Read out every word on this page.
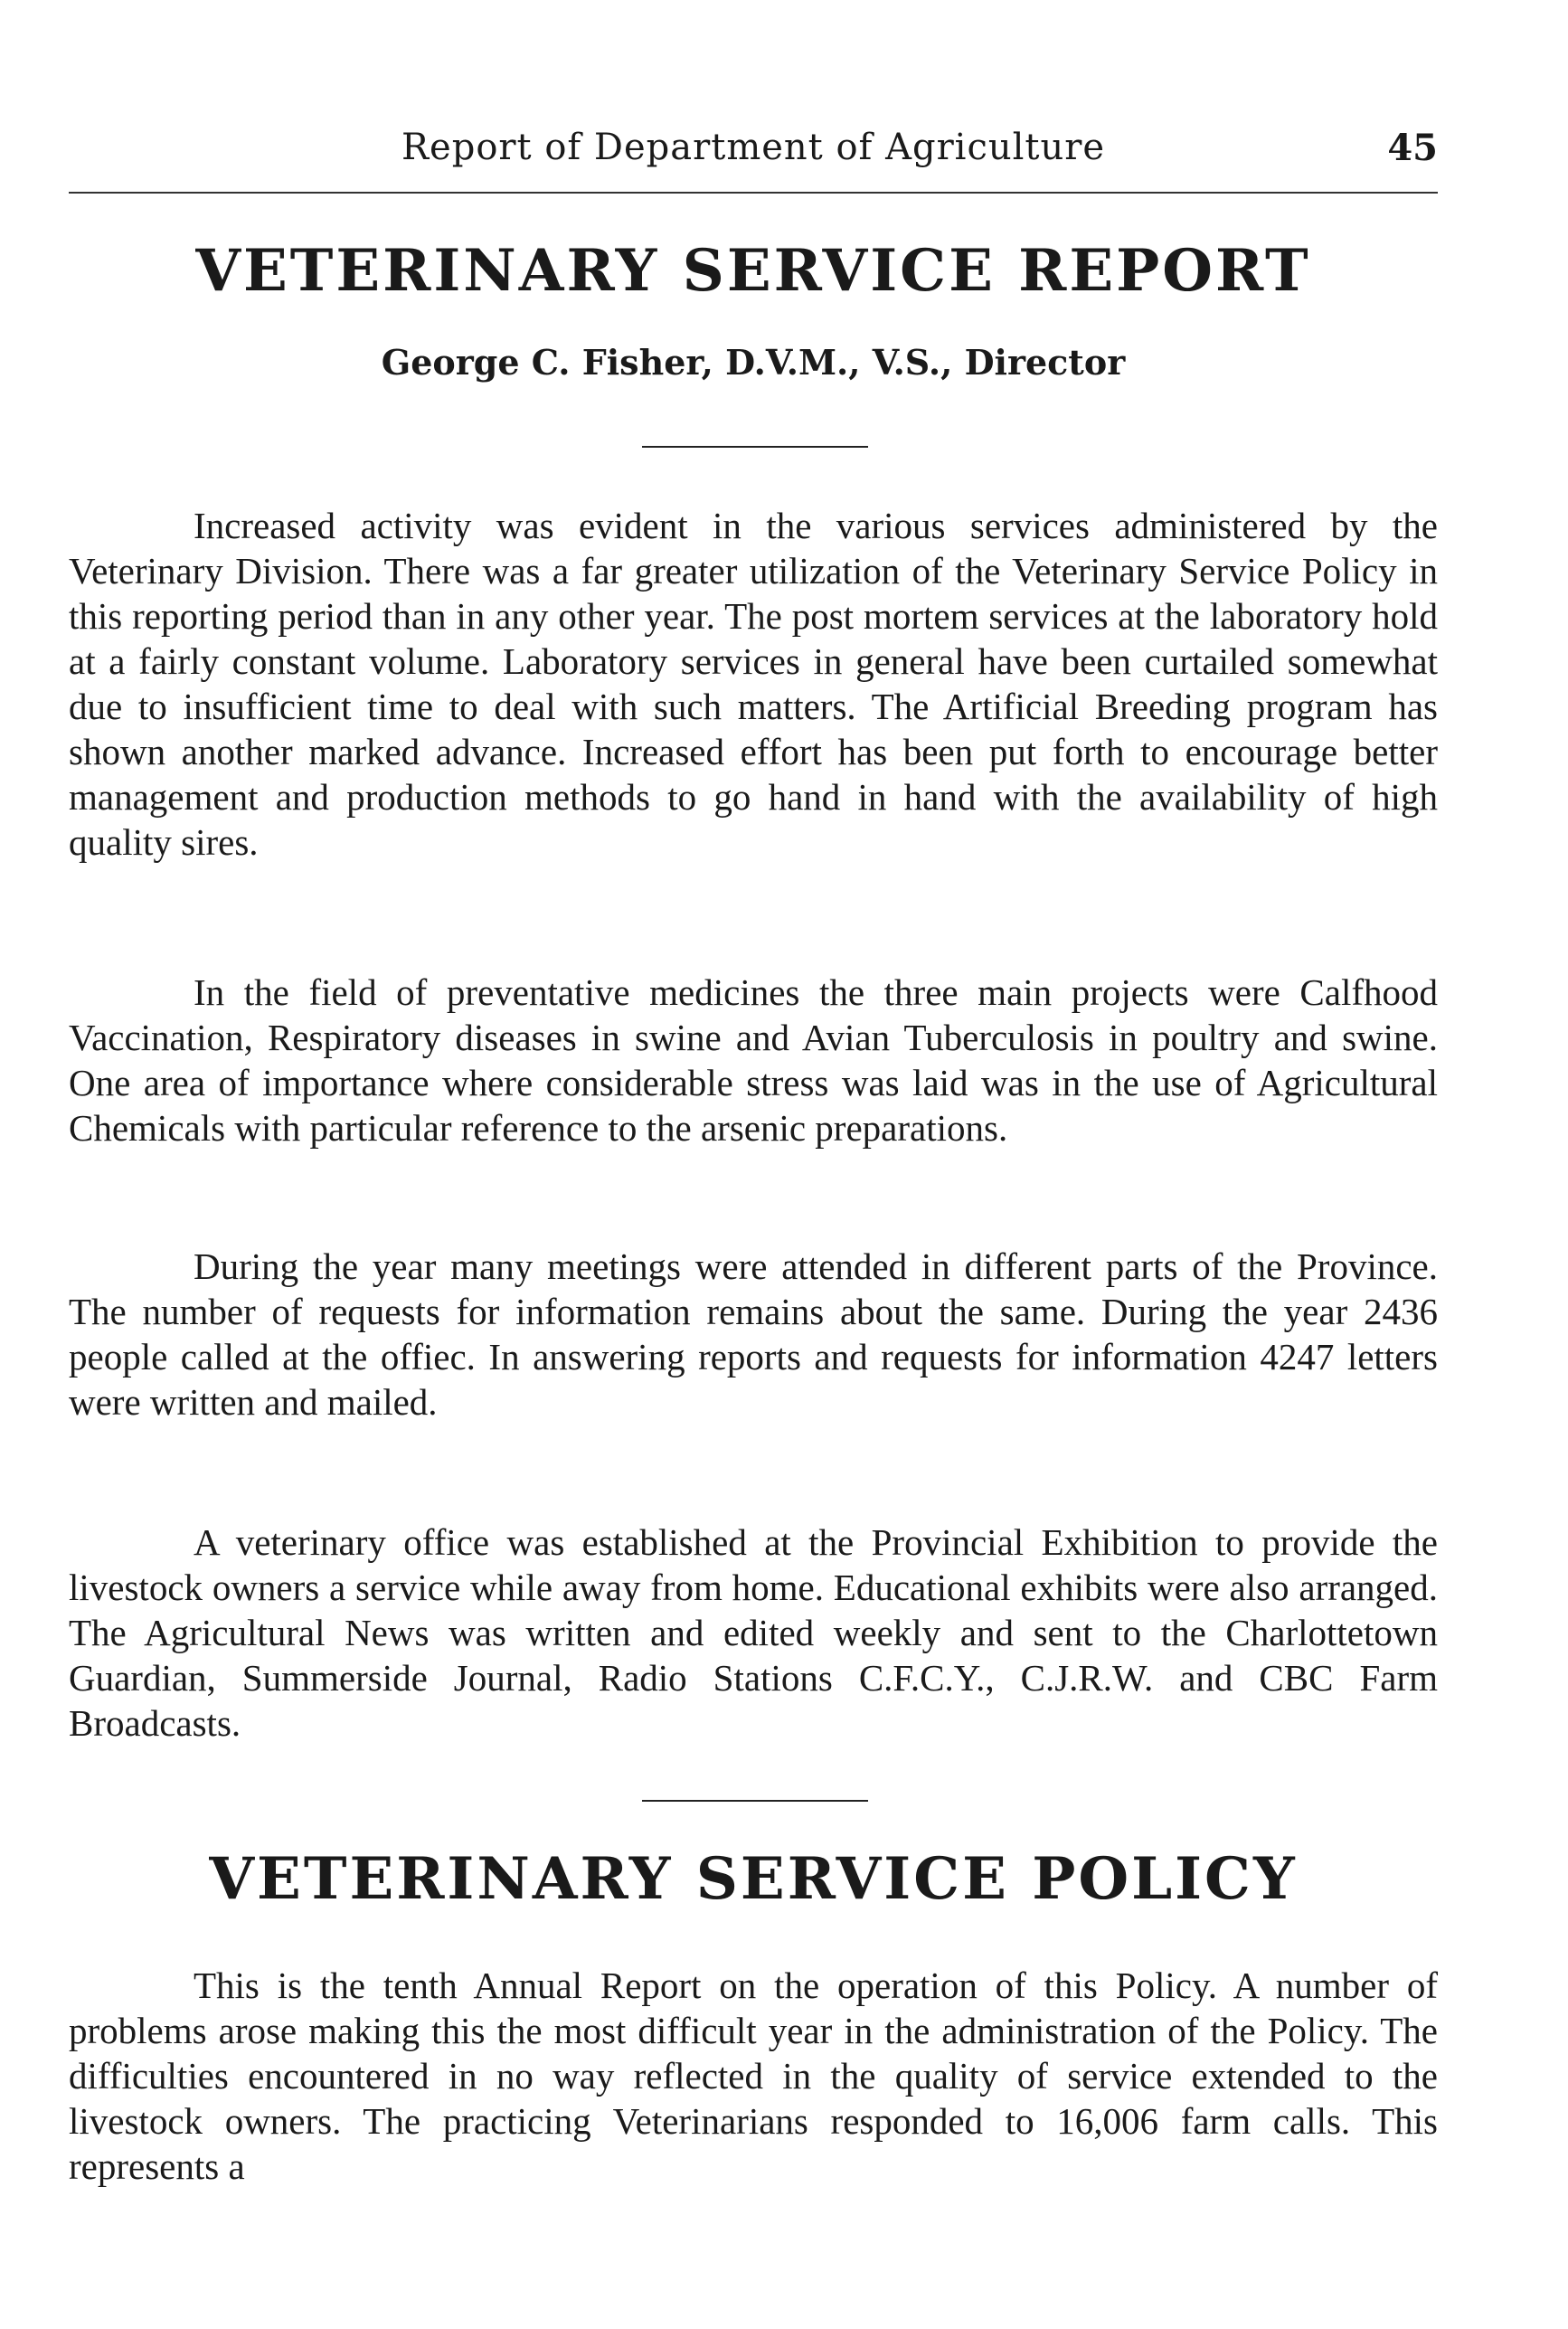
Report of Department of Agriculture	45
VETERINARY SERVICE REPORT
George C. Fisher, D.V.M., V.S., Director

Increased activity was evident in the various services administered by the Veterinary Division. There was a far greater utilization of the Veterinary Service Policy in this reporting period than in any other year. The post mortem services at the laboratory hold at a fairly constant volume. Laboratory services in general have been curtailed somewhat due to insufficient time to deal with such matters. The Artificial Breeding program has shown another marked advance. Increased effort has been put forth to encourage better management and production methods to go hand in hand with the availability of high quality sires.

In the field of preventative medicines the three main projects were Calfhood Vaccination, Respiratory diseases in swine and Avian Tuberculosis in poultry and swine. One area of importance where considerable stress was laid was in the use of Agricultural Chemicals with particular reference to the arsenic preparations.

During the year many meetings were attended in different parts of the Province. The number of requests for information remains about the same. During the year 2436 people called at the offiec. In answering reports and requests for information 4247 letters were written and mailed.

A veterinary office was established at the Provincial Exhibition to provide the livestock owners a service while away from home. Educational exhibits were also arranged. The Agricultural News was written and edited weekly and sent to the Charlottetown Guardian, Summerside Journal, Radio Stations C.F.C.Y., C.J.R.W. and CBC Farm Broadcasts.

VETERINARY SERVICE POLICY

This is the tenth Annual Report on the operation of this Policy. A number of problems arose making this the most difficult year in the administration of the Policy. The difficulties encountered in no way reflected in the quality of service extended to the livestock owners. The practicing Veterinarians responded to 16,006 farm calls. This represents a
